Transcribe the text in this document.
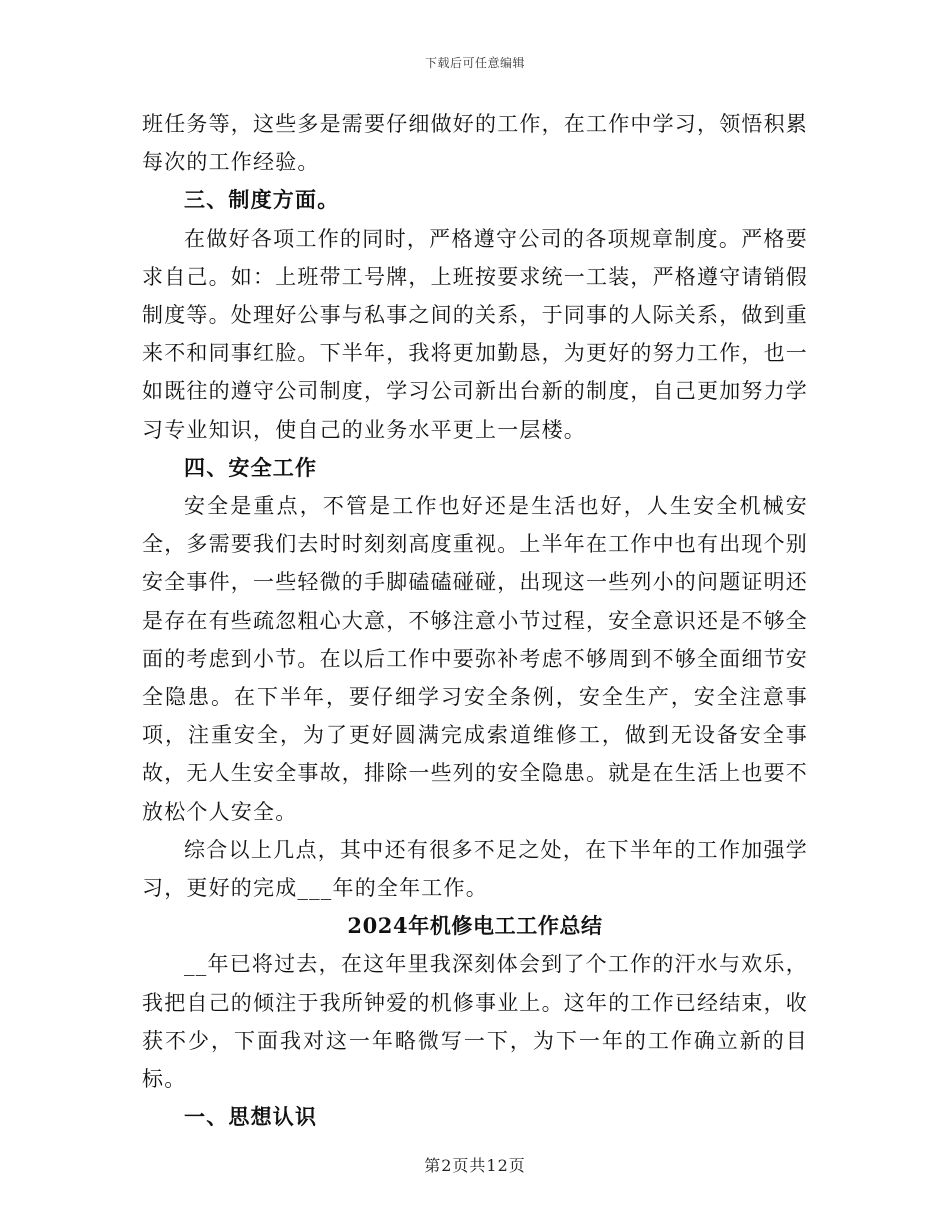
下载后可任意编辑

班任务等，这些多是需要仔细做好的工作，在工作中学习，领悟积累每次的工作经验。

三、制度方面。

在做好各项工作的同时，严格遵守公司的各项规章制度。严格要求自己。如：上班带工号牌，上班按要求统一工装，严格遵守请销假制度等。处理好公事与私事之间的关系，于同事的人际关系，做到重来不和同事红脸。下半年，我将更加勤恳，为更好的努力工作，也一如既往的遵守公司制度，学习公司新出台新的制度，自己更加努力学习专业知识，使自己的业务水平更上一层楼。

四、安全工作

安全是重点，不管是工作也好还是生活也好，人生安全机械安全，多需要我们去时时刻刻高度重视。上半年在工作中也有出现个别安全事件，一些轻微的手脚磕磕碰碰，出现这一些列小的问题证明还是存在有些疏忽粗心大意，不够注意小节过程，安全意识还是不够全面的考虑到小节。在以后工作中要弥补考虑不够周到不够全面细节安全隐患。在下半年，要仔细学习安全条例，安全生产，安全注意事项，注重安全，为了更好圆满完成索道维修工，做到无设备安全事故，无人生安全事故，排除一些列的安全隐患。就是在生活上也要不放松个人安全。

综合以上几点，其中还有很多不足之处，在下半年的工作加强学习，更好的完成___年的全年工作。

2024年机修电工工作总结

__年已将过去，在这年里我深刻体会到了个工作的汗水与欢乐，我把自己的倾注于我所钟爱的机修事业上。这年的工作已经结束，收获不少，下面我对这一年略微写一下，为下一年的工作确立新的目标。

一、思想认识

第2页共12页
